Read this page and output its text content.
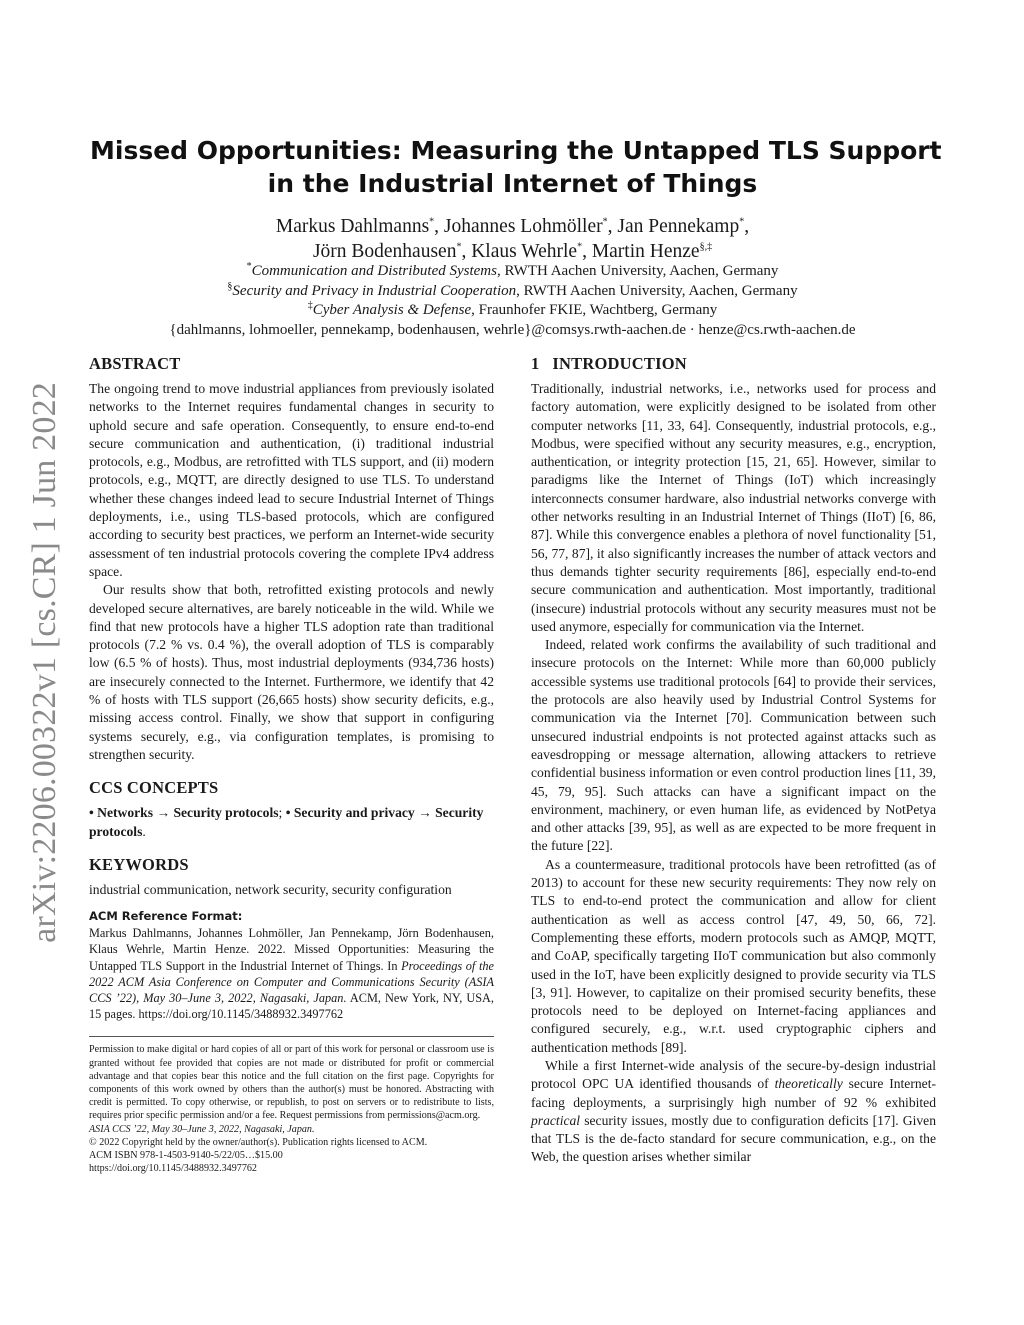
arXiv:2206.00322v1 [cs.CR] 1 Jun 2022
Missed Opportunities: Measuring the Untapped TLS Support
in the Industrial Internet of Things
Markus Dahlmanns*, Johannes Lohmöller*, Jan Pennekamp*,
Jörn Bodenhausen*, Klaus Wehrle*, Martin Henze§,‡
*Communication and Distributed Systems, RWTH Aachen University, Aachen, Germany
§Security and Privacy in Industrial Cooperation, RWTH Aachen University, Aachen, Germany
‡Cyber Analysis & Defense, Fraunhofer FKIE, Wachtberg, Germany
{dahlmanns, lohmoeller, pennekamp, bodenhausen, wehrle}@comsys.rwth-aachen.de · henze@cs.rwth-aachen.de
ABSTRACT

The ongoing trend to move industrial appliances from previously isolated networks to the Internet requires fundamental changes in security to uphold secure and safe operation. Consequently, to ensure end-to-end secure communication and authentication, (i) traditional industrial protocols, e.g., Modbus, are retrofitted with TLS support, and (ii) modern protocols, e.g., MQTT, are directly designed to use TLS. To understand whether these changes indeed lead to secure Industrial Internet of Things deployments, i.e., using TLS-based protocols, which are configured according to security best practices, we perform an Internet-wide security assessment of ten industrial protocols covering the complete IPv4 address space.

Our results show that both, retrofitted existing protocols and newly developed secure alternatives, are barely noticeable in the wild. While we find that new protocols have a higher TLS adoption rate than traditional protocols (7.2 % vs. 0.4 %), the overall adoption of TLS is comparably low (6.5 % of hosts). Thus, most industrial deployments (934,736 hosts) are insecurely connected to the Internet. Furthermore, we identify that 42 % of hosts with TLS support (26,665 hosts) show security deficits, e.g., missing access control. Finally, we show that support in configuring systems securely, e.g., via configuration templates, is promising to strengthen security.

CCS CONCEPTS

• Networks → Security protocols; • Security and privacy → Security protocols.

KEYWORDS

industrial communication, network security, security configuration

ACM Reference Format:

Markus Dahlmanns, Johannes Lohmöller, Jan Pennekamp, Jörn Bodenhausen, Klaus Wehrle, Martin Henze. 2022. Missed Opportunities: Measuring the Untapped TLS Support in the Industrial Internet of Things. In Proceedings of the 2022 ACM Asia Conference on Computer and Communications Security (ASIA CCS ’22), May 30–June 3, 2022, Nagasaki, Japan. ACM, New York, NY, USA, 15 pages. https://doi.org/10.1145/3488932.3497762

Permission to make digital or hard copies of all or part of this work for personal or classroom use is granted without fee provided that copies are not made or distributed for profit or commercial advantage and that copies bear this notice and the full citation on the first page. Copyrights for components of this work owned by others than the author(s) must be honored. Abstracting with credit is permitted. To copy otherwise, or republish, to post on servers or to redistribute to lists, requires prior specific permission and/or a fee. Request permissions from permissions@acm.org.

ASIA CCS ’22, May 30–June 3, 2022, Nagasaki, Japan.

© 2022 Copyright held by the owner/author(s). Publication rights licensed to ACM.

ACM ISBN 978-1-4503-9140-5/22/05…$15.00

https://doi.org/10.1145/3488932.3497762

1   INTRODUCTION

Traditionally, industrial networks, i.e., networks used for process and factory automation, were explicitly designed to be isolated from other computer networks [11, 33, 64]. Consequently, industrial protocols, e.g., Modbus, were specified without any security measures, e.g., encryption, authentication, or integrity protection [15, 21, 65]. However, similar to paradigms like the Internet of Things (IoT) which increasingly interconnects consumer hardware, also industrial networks converge with other networks resulting in an Industrial Internet of Things (IIoT) [6, 86, 87]. While this convergence enables a plethora of novel functionality [51, 56, 77, 87], it also significantly increases the number of attack vectors and thus demands tighter security requirements [86], especially end-to-end secure communication and authentication. Most importantly, traditional (insecure) industrial protocols without any security measures must not be used anymore, especially for communication via the Internet.

Indeed, related work confirms the availability of such traditional and insecure protocols on the Internet: While more than 60,000 publicly accessible systems use traditional protocols [64] to provide their services, the protocols are also heavily used by Industrial Control Systems for communication via the Internet [70]. Communication between such unsecured industrial endpoints is not protected against attacks such as eavesdropping or message alternation, allowing attackers to retrieve confidential business information or even control production lines [11, 39, 45, 79, 95]. Such attacks can have a significant impact on the environment, machinery, or even human life, as evidenced by NotPetya and other attacks [39, 95], as well as are expected to be more frequent in the future [22].

As a countermeasure, traditional protocols have been retrofitted (as of 2013) to account for these new security requirements: They now rely on TLS to end-to-end protect the communication and allow for client authentication as well as access control [47, 49, 50, 66, 72]. Complementing these efforts, modern protocols such as AMQP, MQTT, and CoAP, specifically targeting IIoT communication but also commonly used in the IoT, have been explicitly designed to provide security via TLS [3, 91]. However, to capitalize on their promised security benefits, these protocols need to be deployed on Internet-facing appliances and configured securely, e.g., w.r.t. used cryptographic ciphers and authentication methods [89].

While a first Internet-wide analysis of the secure-by-design industrial protocol OPC UA identified thousands of theoretically secure Internet-facing deployments, a surprisingly high number of 92 % exhibited practical security issues, mostly due to configuration deficits [17]. Given that TLS is the de-facto standard for secure communication, e.g., on the Web, the question arises whether similar
